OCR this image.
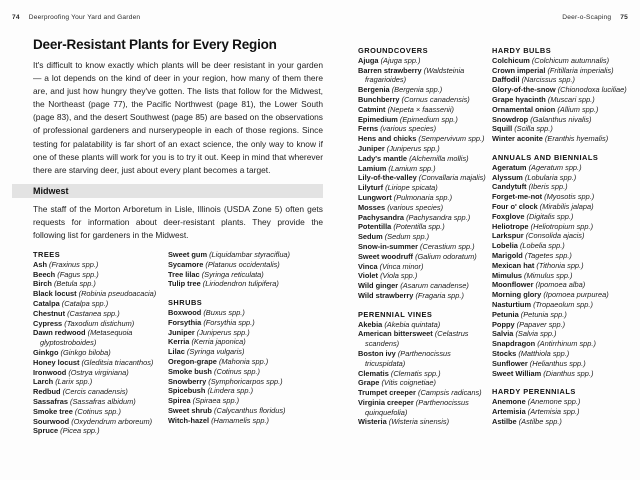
74 Deerproofing Your Yard and Garden
Deer-Resistant Plants for Every Region

It's difficult to know exactly which plants will be deer resistant in your garden — a lot depends on the kind of deer in your region, how many of them there are, and just how hungry they've gotten. The lists that follow for the Midwest, the Northeast (page 77), the Pacific Northwest (page 81), the Lower South (page 83), and the desert Southwest (page 85) are based on the observations of professional gardeners and nurserypeople in each of those regions. Since testing for palatability is far short of an exact science, the only way to know if one of these plants will work for you is to try it out. Keep in mind that wherever there are starving deer, just about every plant becomes a target.

Midwest

The staff of the Morton Arboretum in Lisle, Illinois (USDA Zone 5) often gets requests for information about deer-resistant plants. They provide the following list for gardeners in the Midwest.

TREES
Ash (Fraxinus spp.)
Beech (Fagus spp.)
Birch (Betula spp.)
Black locust (Robinia pseudoacacia)
Catalpa (Catalpa spp.)
Chestnut (Castanea spp.)
Cypress (Taxodium distichum)
Dawn redwood (Metasequoia glyptostroboides)
Ginkgo (Ginkgo biloba)
Honey locust (Gleditsia triacanthos)
Ironwood (Ostrya virginiana)
Larch (Larix spp.)
Redbud (Cercis canadensis)
Sassafras (Sassafras albidum)
Smoke tree (Cotinus spp.)
Sourwood (Oxydendrum arboreum)
Spruce (Picea spp.)
Sweet gum (Liquidambar styraciflua)
Sycamore (Platanus occidentalis)
Tree lilac (Syringa reticulata)
Tulip tree (Liriodendron tulipifera)
SHRUBS
Boxwood (Buxus spp.)
Forsythia (Forsythia spp.)
Juniper (Juniperus spp.)
Kerria (Kerria japonica)
Lilac (Syringa vulgaris)
Oregon-grape (Mahonia spp.)
Smoke bush (Cotinus spp.)
Snowberry (Symphoricarpos spp.)
Spicebush (Lindera spp.)
Spirea (Spiraea spp.)
Sweet shrub (Calycanthus floridus)
Witch-hazel (Hamamelis spp.)
Deer-o-Scaping 75
GROUNDCOVERS
Ajuga (Ajuga spp.)
Barren strawberry (Waldsteinia fragarioides)
Bergenia (Bergenia spp.)
Bunchberry (Cornus canadensis)
Catmint (Nepeta × faassenii)
Epimedium (Epimedium spp.)
Ferns (various species)
Hens and chicks (Sempervivum spp.)
Juniper (Juniperus spp.)
Lady's mantle (Alchemilla mollis)
Lamium (Lamium spp.)
Lily-of-the-valley (Convallaria majalis)
Lilyturf (Liriope spicata)
Lungwort (Pulmonaria spp.)
Mosses (various species)
Pachysandra (Pachysandra spp.)
Potentilla (Potentilla spp.)
Sedum (Sedum spp.)
Snow-in-summer (Cerastium spp.)
Sweet woodruff (Galium odoratum)
Vinca (Vinca minor)
Violet (Viola spp.)
Wild ginger (Asarum canadense)
Wild strawberry (Fragaria spp.)
PERENNIAL VINES
Akebia (Akebia quintata)
American bittersweet (Celastrus scandens)
Boston ivy (Parthenocissus tricuspidata)
Clematis (Clematis spp.)
Grape (Vitis coignetiae)
Trumpet creeper (Campsis radicans)
Virginia creeper (Parthenocissus quinquefolia)
Wisteria (Wisteria sinensis)
HARDY BULBS
Colchicum (Colchicum autumnalis)
Crown imperial (Fritillaria imperialis)
Daffodil (Narcissus spp.)
Glory-of-the-snow (Chionodoxa luciliae)
Grape hyacinth (Muscari spp.)
Ornamental onion (Allium spp.)
Snowdrop (Galanthus nivalis)
Squill (Scilla spp.)
Winter aconite (Eranthis hyemalis)
ANNUALS AND BIENNIALS
Ageratum (Ageratum spp.)
Alyssum (Lobularia spp.)
Candytuft (Iberis spp.)
Forget-me-not (Myosotis spp.)
Four o' clock (Mirabilis jalapa)
Foxglove (Digitalis spp.)
Heliotrope (Heliotropium spp.)
Larkspur (Consolida ajacis)
Lobelia (Lobelia spp.)
Marigold (Tagetes spp.)
Mexican hat (Tithonia spp.)
Mimulus (Mimulus spp.)
Moonflower (Ipomoea alba)
Morning glory (Ipomoea purpurea)
Nasturtium (Tropaeolum spp.)
Petunia (Petunia spp.)
Poppy (Papaver spp.)
Salvia (Salvia spp.)
Snapdragon (Antirrhinum spp.)
Stocks (Matthiola spp.)
Sunflower (Helianthus spp.)
Sweet William (Dianthus spp.)
HARDY PERENNIALS
Anemone (Anemone spp.)
Artemisia (Artemisia spp.)
Astilbe (Astilbe spp.)
